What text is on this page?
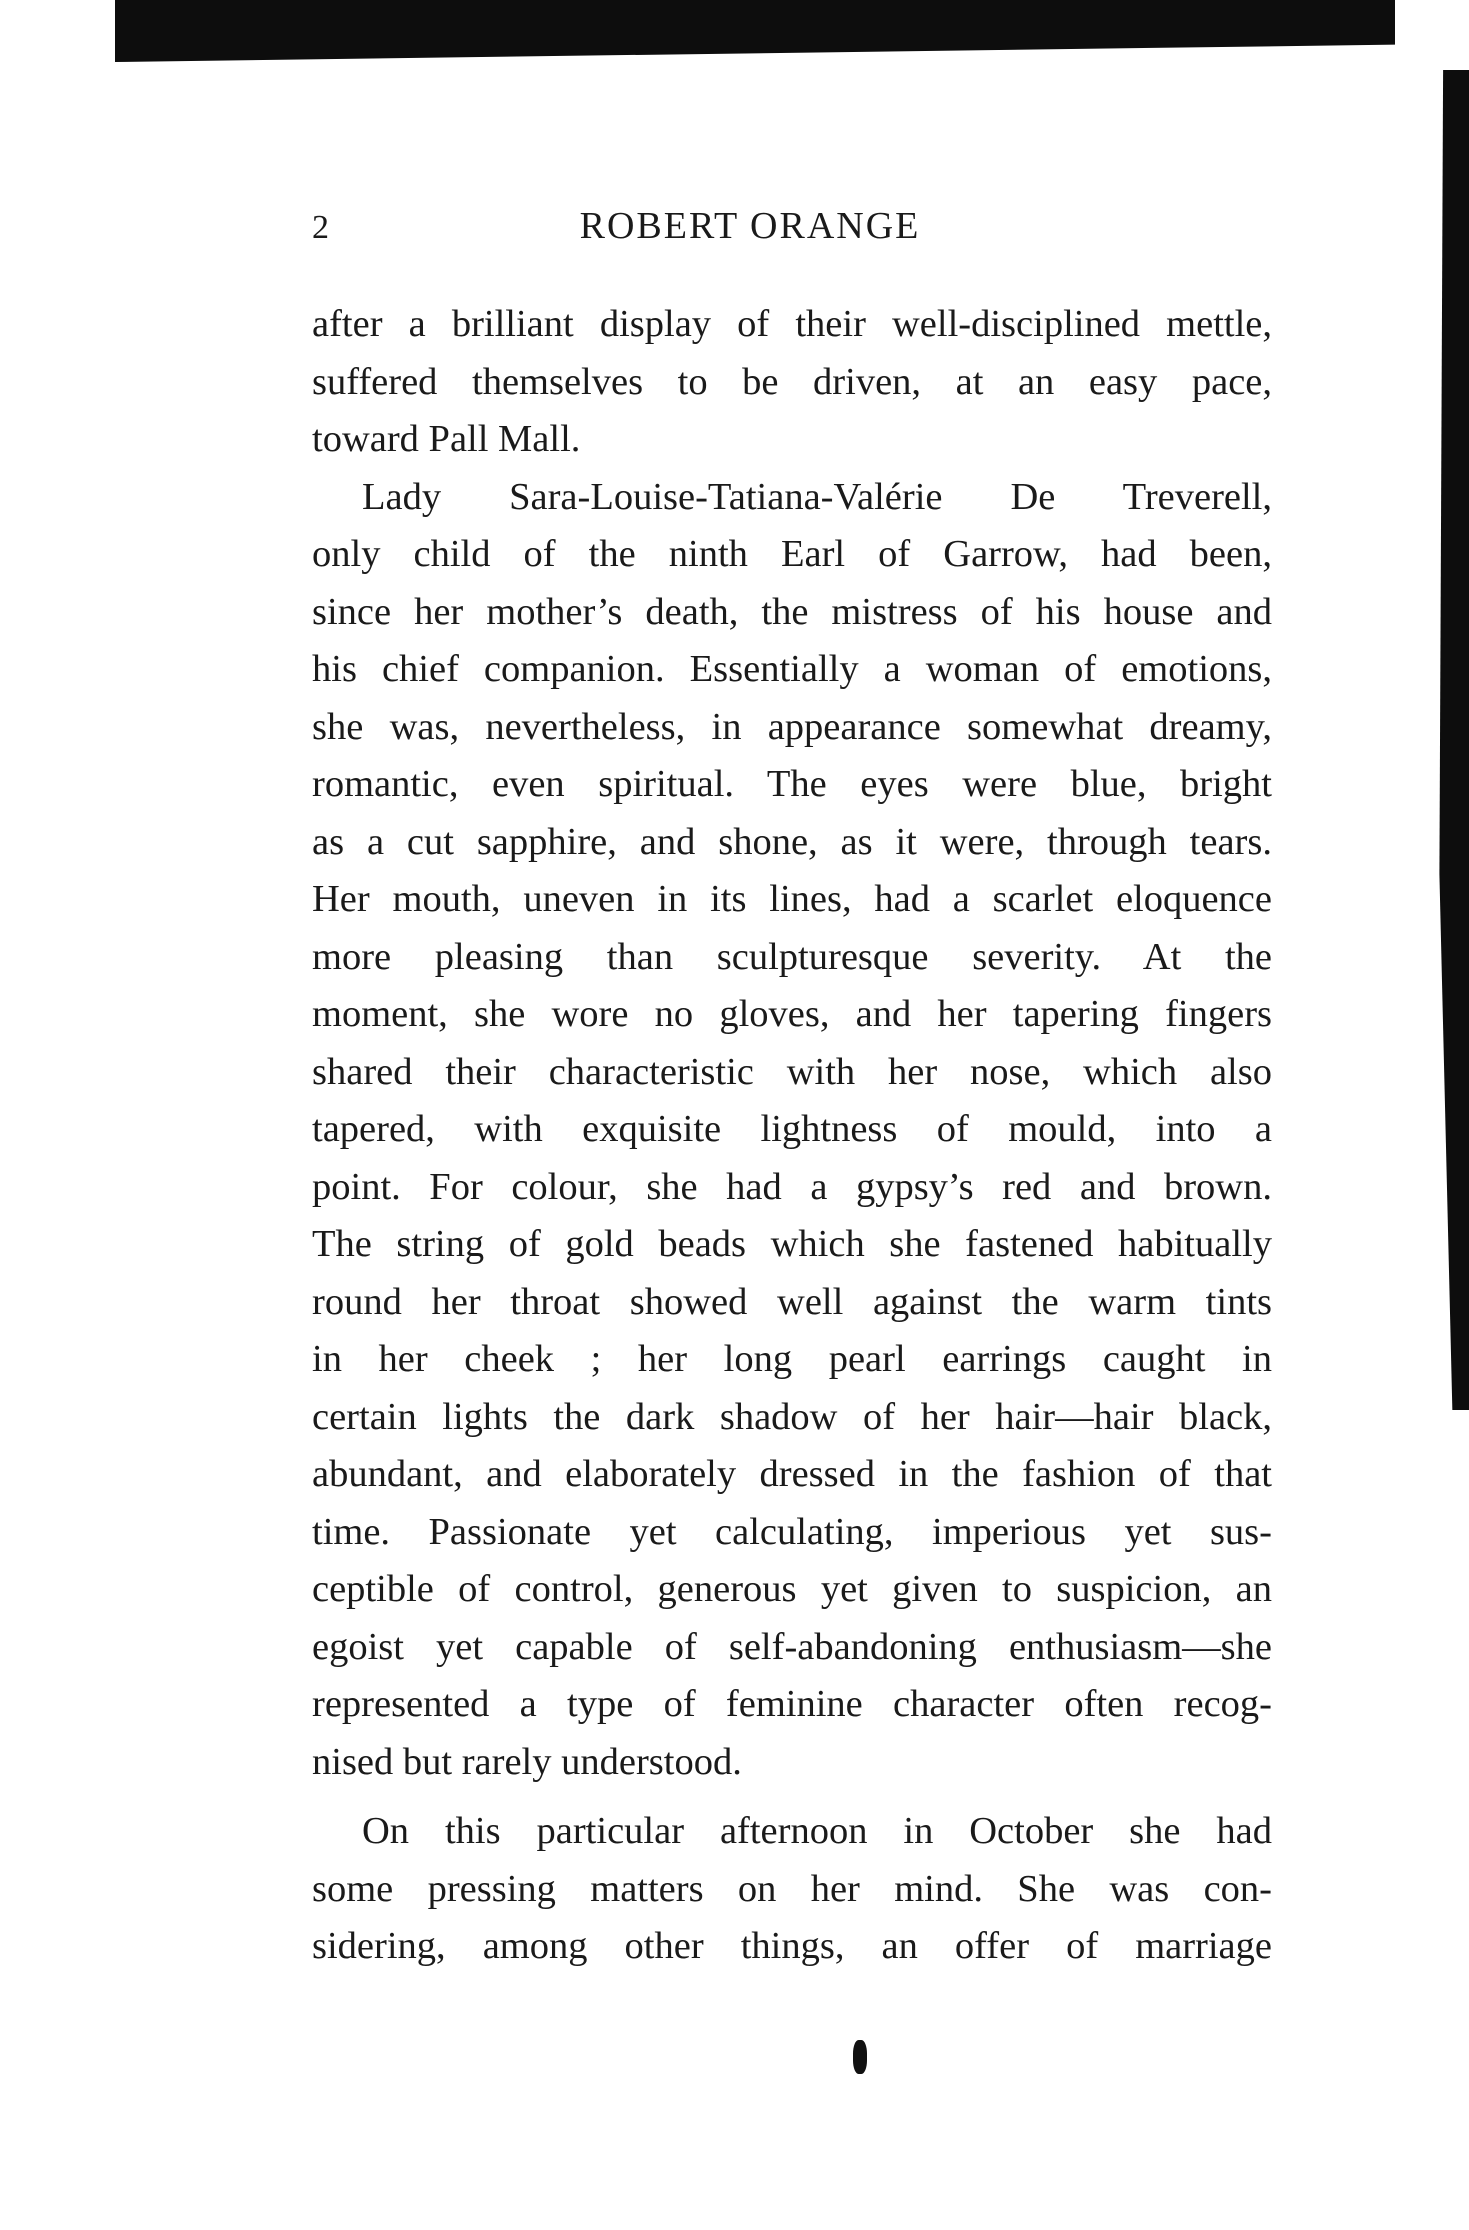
2	ROBERT ORANGE
after a brilliant display of their well-disciplined mettle,
suffered themselves to be driven, at an easy pace,
toward Pall Mall.
Lady Sara-Louise-Tatiana-Valérie De Treverell,
only child of the ninth Earl of Garrow, had been,
since her mother’s death, the mistress of his house and
his chief companion. Essentially a woman of emotions,
she was, nevertheless, in appearance somewhat dreamy,
romantic, even spiritual. The eyes were blue, bright
as a cut sapphire, and shone, as it were, through tears.
Her mouth, uneven in its lines, had a scarlet eloquence
more pleasing than sculpturesque severity. At the
moment, she wore no gloves, and her tapering fingers
shared their characteristic with her nose, which also
tapered, with exquisite lightness of mould, into a
point. For colour, she had a gypsy’s red and brown.
The string of gold beads which she fastened habitually
round her throat showed well against the warm tints
in her cheek ; her long pearl earrings caught in
certain lights the dark shadow of her hair—hair black,
abundant, and elaborately dressed in the fashion of that
time. Passionate yet calculating, imperious yet sus-
ceptible of control, generous yet given to suspicion, an
egoist yet capable of self-abandoning enthusiasm—she
represented a type of feminine character often recog-
nised but rarely understood.
On this particular afternoon in October she had
some pressing matters on her mind. She was con-
sidering, among other things, an offer of marriage
